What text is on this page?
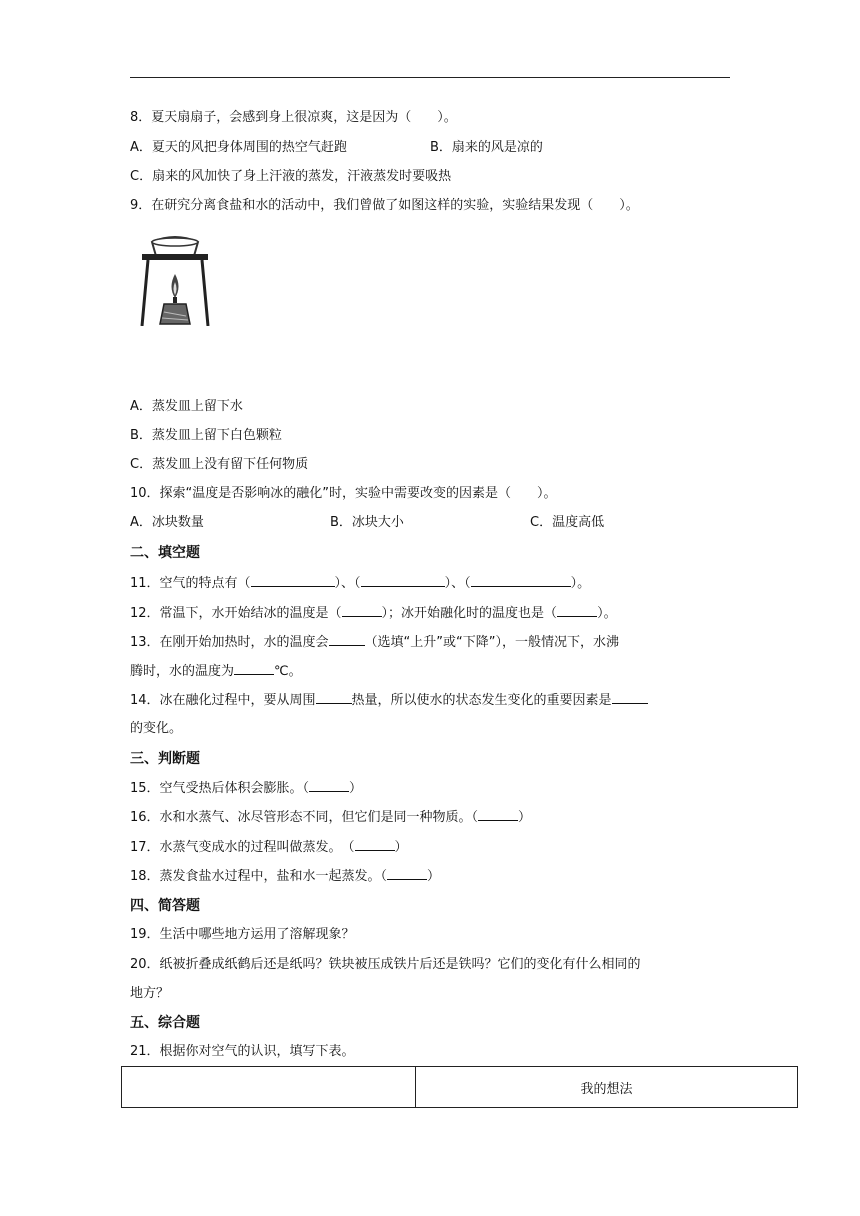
8．夏天扇扇子，会感到身上很凉爽，这是因为（　　）。
A．夏天的风把身体周围的热空气赶跑	B．扇来的风是凉的
C．扇来的风加快了身上汗液的蒸发，汗液蒸发时要吸热
9．在研究分离食盐和水的活动中，我们曾做了如图这样的实验，实验结果发现（　　）。
A．蒸发皿上留下水
B．蒸发皿上留下白色颗粒
C．蒸发皿上没有留下任何物质
10．探索“温度是否影响冰的融化”时，实验中需要改变的因素是（　　）。
A．冰块数量	B．冰块大小	C．温度高低
二、填空题
11．空气的特点有（	）、（	）、（	）。
12．常温下，水开始结冰的温度是（	）；冰开始融化时的温度也是（	）。
13．在刚开始加热时，水的温度会	（选填“上升”或“下降”），一般情况下，水沸
腾时，水的温度为	℃。
14．冰在融化过程中，要从周围	热量，所以使水的状态发生变化的重要因素是
的变化。
三、判断题
15．空气受热后体积会膨胀。（	）
16．水和水蒸气、冰尽管形态不同，但它们是同一种物质。（	）
17．水蒸气变成水的过程叫做蒸发。　（	）
18．蒸发食盐水过程中，盐和水一起蒸发。（	）
四、简答题
19．生活中哪些地方运用了溶解现象？
20．纸被折叠成纸鹤后还是纸吗？铁块被压成铁片后还是铁吗？它们的变化有什么相同的
地方？
五、综合题
21．根据你对空气的认识，填写下表。
	我的想法
